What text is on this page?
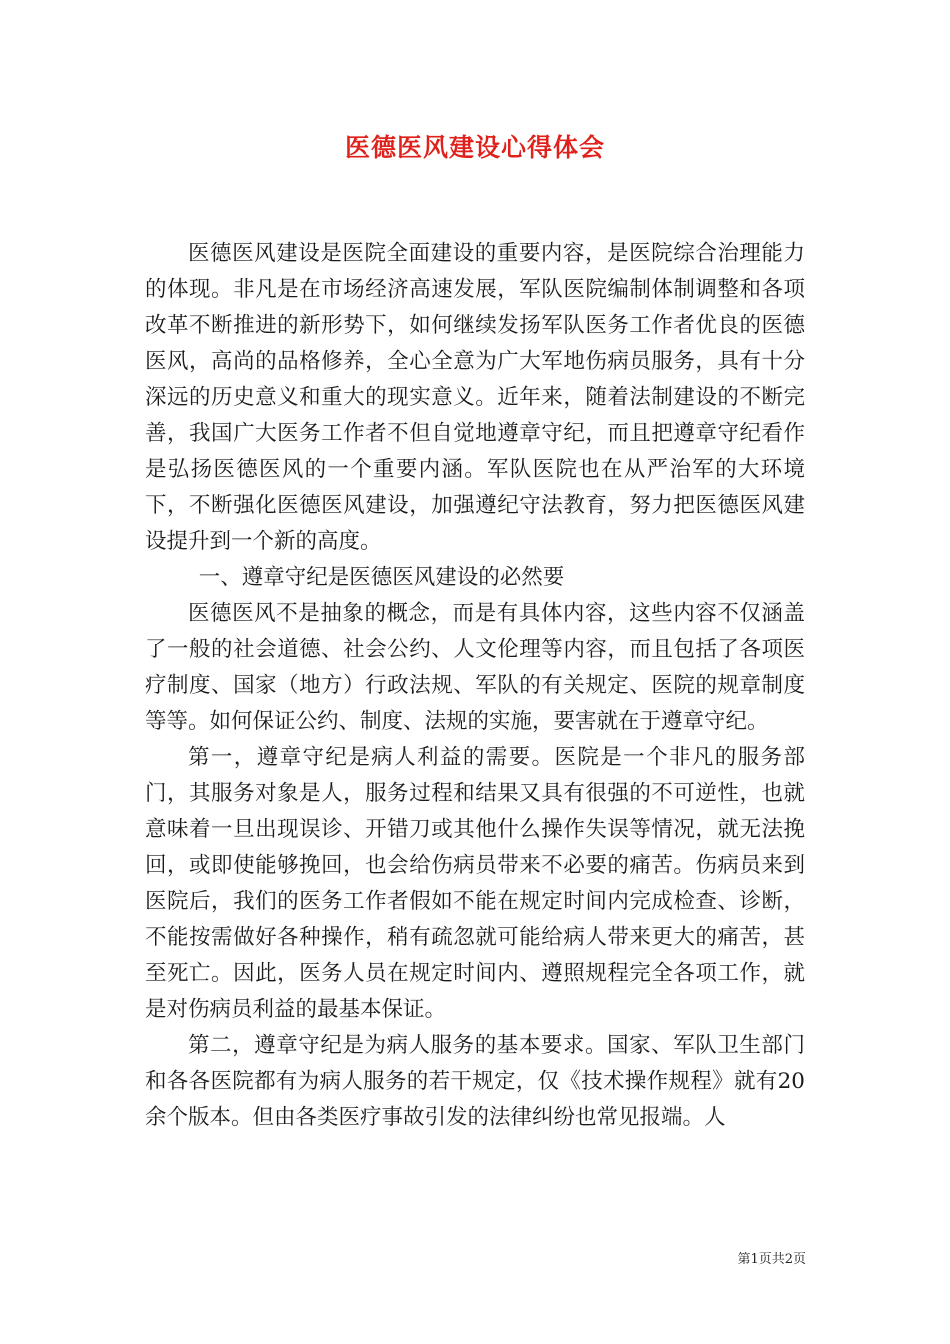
医德医风建设心得体会

医德医风建设是医院全面建设的重要内容，是医院综合治理能力的体现。非凡是在市场经济高速发展，军队医院编制体制调整和各项改革不断推进的新形势下，如何继续发扬军队医务工作者优良的医德医风，高尚的品格修养，全心全意为广大军地伤病员服务，具有十分深远的历史意义和重大的现实意义。近年来，随着法制建设的不断完善，我国广大医务工作者不但自觉地遵章守纪，而且把遵章守纪看作是弘扬医德医风的一个重要内涵。军队医院也在从严治军的大环境下，不断强化医德医风建设，加强遵纪守法教育，努力把医德医风建设提升到一个新的高度。

一、遵章守纪是医德医风建设的必然要

医德医风不是抽象的概念，而是有具体内容，这些内容不仅涵盖了一般的社会道德、社会公约、人文伦理等内容，而且包括了各项医疗制度、国家（地方）行政法规、军队的有关规定、医院的规章制度等等。如何保证公约、制度、法规的实施，要害就在于遵章守纪。

第一，遵章守纪是病人利益的需要。医院是一个非凡的服务部门，其服务对象是人，服务过程和结果又具有很强的不可逆性，也就意味着一旦出现误诊、开错刀或其他什么操作失误等情况，就无法挽回，或即使能够挽回，也会给伤病员带来不必要的痛苦。伤病员来到医院后，我们的医务工作者假如不能在规定时间内完成检查、诊断，不能按需做好各种操作，稍有疏忽就可能给病人带来更大的痛苦，甚至死亡。因此，医务人员在规定时间内、遵照规程完全各项工作，就是对伤病员利益的最基本保证。

第二，遵章守纪是为病人服务的基本要求。国家、军队卫生部门和各各医院都有为病人服务的若干规定，仅《技术操作规程》就有20余个版本。但由各类医疗事故引发的法律纠纷也常见报端。人

第1页共2页
